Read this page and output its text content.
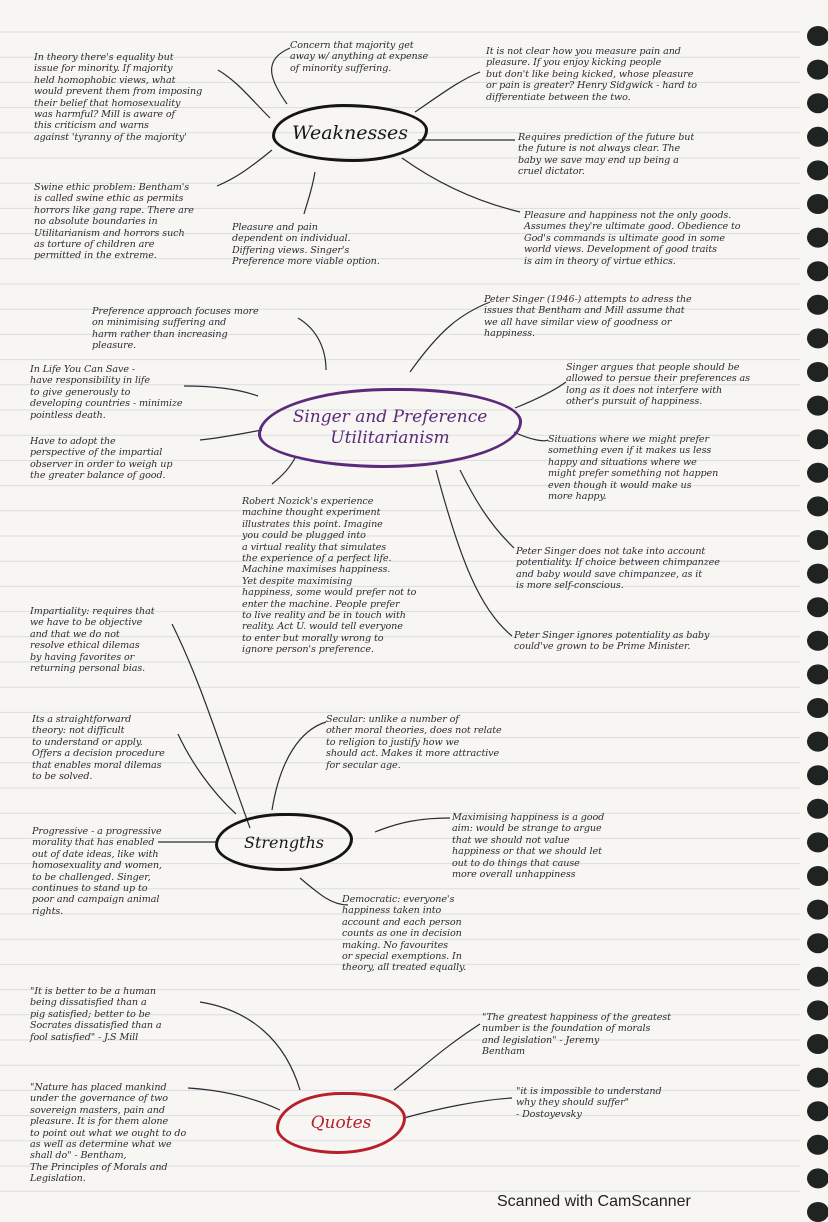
Weaknesses
Singer and Preference
Utilitarianism
Strengths
Quotes
In theory there's equality but
issue for minority. If majority
held homophobic views, what
would prevent them from imposing
their belief that homosexuality
was harmful? Mill is aware of
this criticism and warns
against 'tyranny of the majority'
Concern that majority get
away w/ anything at expense
of minority suffering.
It is not clear how you measure pain and
pleasure. If you enjoy kicking people
but don't like being kicked, whose pleasure
or pain is greater? Henry Sidgwick - hard to
differentiate between the two.
Swine ethic problem: Bentham's
is called swine ethic as permits
horrors like gang rape. There are
no absolute boundaries in
Utilitarianism and horrors such
as torture of children are
permitted in the extreme.
Pleasure and pain
dependent on individual.
Differing views. Singer's
Preference more viable option.
Requires prediction of the future but
the future is not always clear. The
baby we save may end up being a
cruel dictator.
Pleasure and happiness not the only goods.
Assumes they're ultimate good. Obedience to
God's commands is ultimate good in some
world views. Development of good traits
is aim in theory of virtue ethics.
Preference approach focuses more
on minimising suffering and
harm rather than increasing
pleasure.
Peter Singer (1946-) attempts to adress the
issues that Bentham and Mill assume that
we all have similar view of goodness or
happiness.
In Life You Can Save -
have responsibility in life
to give generously to
developing countries - minimize
pointless death.
Singer argues that people should be
allowed to persue their preferences as
long as it does not interfere with
other's pursuit of happiness.
Have to adopt the
perspective of the impartial
observer in order to weigh up
the greater balance of good.
Situations where we might prefer
something even if it makes us less
happy and situations where we
might prefer something not happen
even though it would make us
more happy.
Robert Nozick's experience
machine thought experiment
illustrates this point. Imagine
you could be plugged into
a virtual reality that simulates
the experience of a perfect life.
Machine maximises happiness.
Yet despite maximising
happiness, some would prefer not to
enter the machine. People prefer
to live reality and be in touch with
reality. Act U. would tell everyone
to enter but morally wrong to
ignore person's preference.
Peter Singer does not take into account
potentiality. If choice between chimpanzee
and baby would save chimpanzee, as it
is more self-conscious.
Peter Singer ignores potentiality as baby
could've grown to be Prime Minister.
Impartiality: requires that
we have to be objective
and that we do not
resolve ethical dilemas
by having favorites or
returning personal bias.
Its a straightforward
theory: not difficult
to understand or apply.
Offers a decision procedure
that enables moral dilemas
to be solved.
Secular: unlike a number of
other moral theories, does not relate
to religion to justify how we
should act. Makes it more attractive
for secular age.
Maximising happiness is a good
aim: would be strange to argue
that we should not value
happiness or that we should let
out to do things that cause
more overall unhappiness
Progressive - a progressive
morality that has enabled
out of date ideas, like with
homosexuality and women,
to be challenged. Singer,
continues to stand up to
poor and campaign animal
rights.
Democratic: everyone's
happiness taken into
account and each person
counts as one in decision
making. No favourites
or special exemptions. In
theory, all treated equally.
"It is better to be a human
being dissatisfied than a
pig satisfied; better to be
Socrates dissatisfied than a
fool satisfied" - J.S Mill
"The greatest happiness of the greatest
number is the foundation of morals
and legislation" - Jeremy
Bentham
"Nature has placed mankind
under the governance of two
sovereign masters, pain and
pleasure. It is for them alone
to point out what we ought to do
as well as determine what we
shall do" - Bentham,
The Principles of Morals and
Legislation.
"it is impossible to understand
why they should suffer"
- Dostoyevsky
Scanned with CamScanner
